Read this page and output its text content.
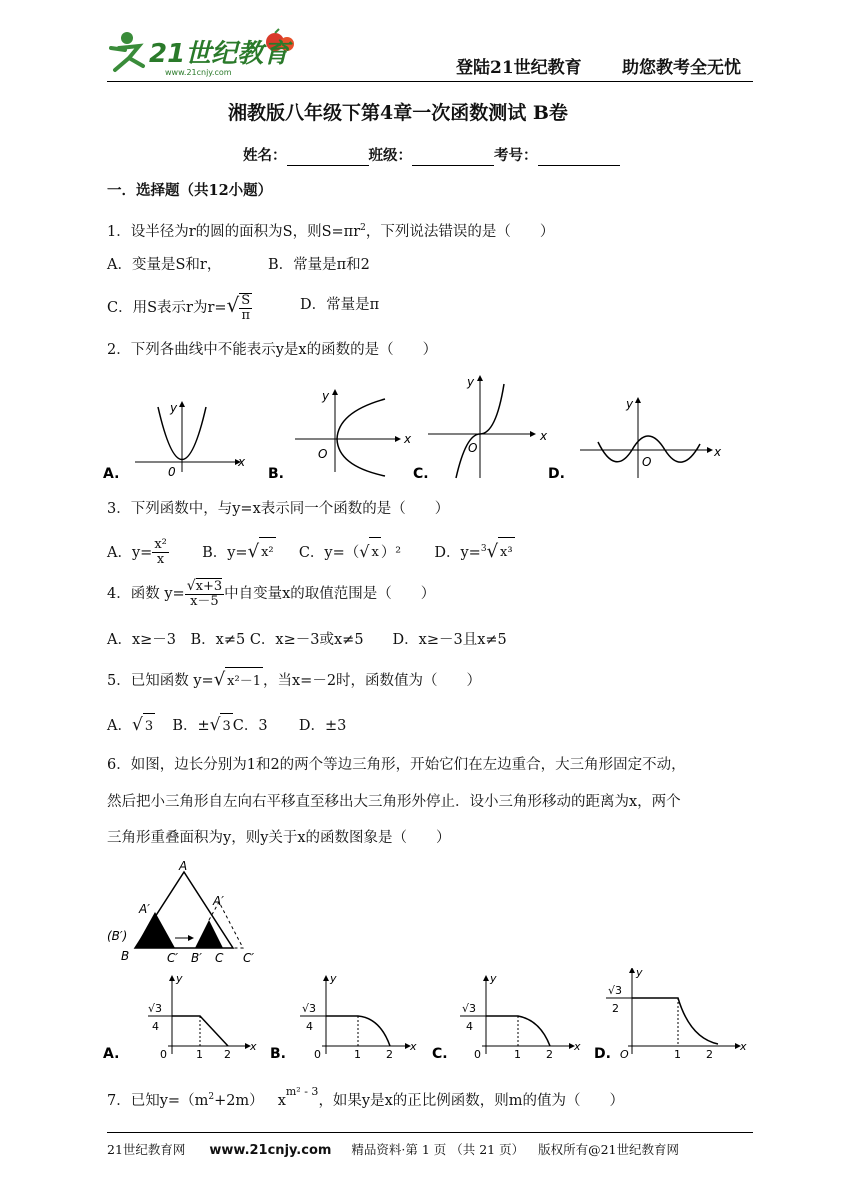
21世纪教育
www.21cnjy.com	登陆21世纪教育 助您教考全无忧
湘教版八年级下第4章一次函数测试 B卷
姓名：	班级：	考号：
一．选择题（共12小题）
1．设半径为r的圆的面积为S，则$S=\pi r^2$，下列说法错误的是（　　）
A．变量是S和r，	B．常量是π和2
C．用S表示r为$r=√ \frac{S}{\pi}$	D．常量是π
2．下列各曲线中不能表示y是x的函数的是（　　）
A.
y
x
0	B.
y
x
O
C.
y
x
O
D.
y
x
O
3．下列函数中，与y=x表示同一个函数的是（　　）
A．$y= \frac{\text{x²}}{x}$ B．y=√ x² C．y=（√ x ）² D．y=$^3$√ x³
4．函数 $y= \frac{√x+3}{x-5}$ 中自变量x的取值范围是（　　）
A．x≥－3　B．x≠5 C．x≥－3或x≠5　　D．x≥－3且x≠5
5．已知函数 y=√ x²－1 ，当x=－2时，函数值为（　　）
A．√ 3 B．±√ 3 C．3 D．±3
6．如图，边长分别为1和2的两个等边三角形，开始它们在左边重合，大三角形固定不动，
然后把小三角形自左向右平移直至移出大三角形外停止．设小三角形移动的距离为x，两个
三角形重叠面积为y，则y关于x的函数图象是（　　）
A
A′
A′
(B′)
B	C′ B′ C C′
A.
√3
4
0	1 2
x
y
B.
√3
4
0	1 2
x
y
C.
√3
4
0	1 2
x
y
D.
√3
2
O	1 2
x
y
7．已知$y=(m^2+2m)$ $x^{m^2 - 3}$，如果y是x的正比例函数，则m的值为（　　）
21世纪教育网 www.21cnjy.com 精品资料·第 1 页 （共 21 页） 版权所有@21世纪教育网
